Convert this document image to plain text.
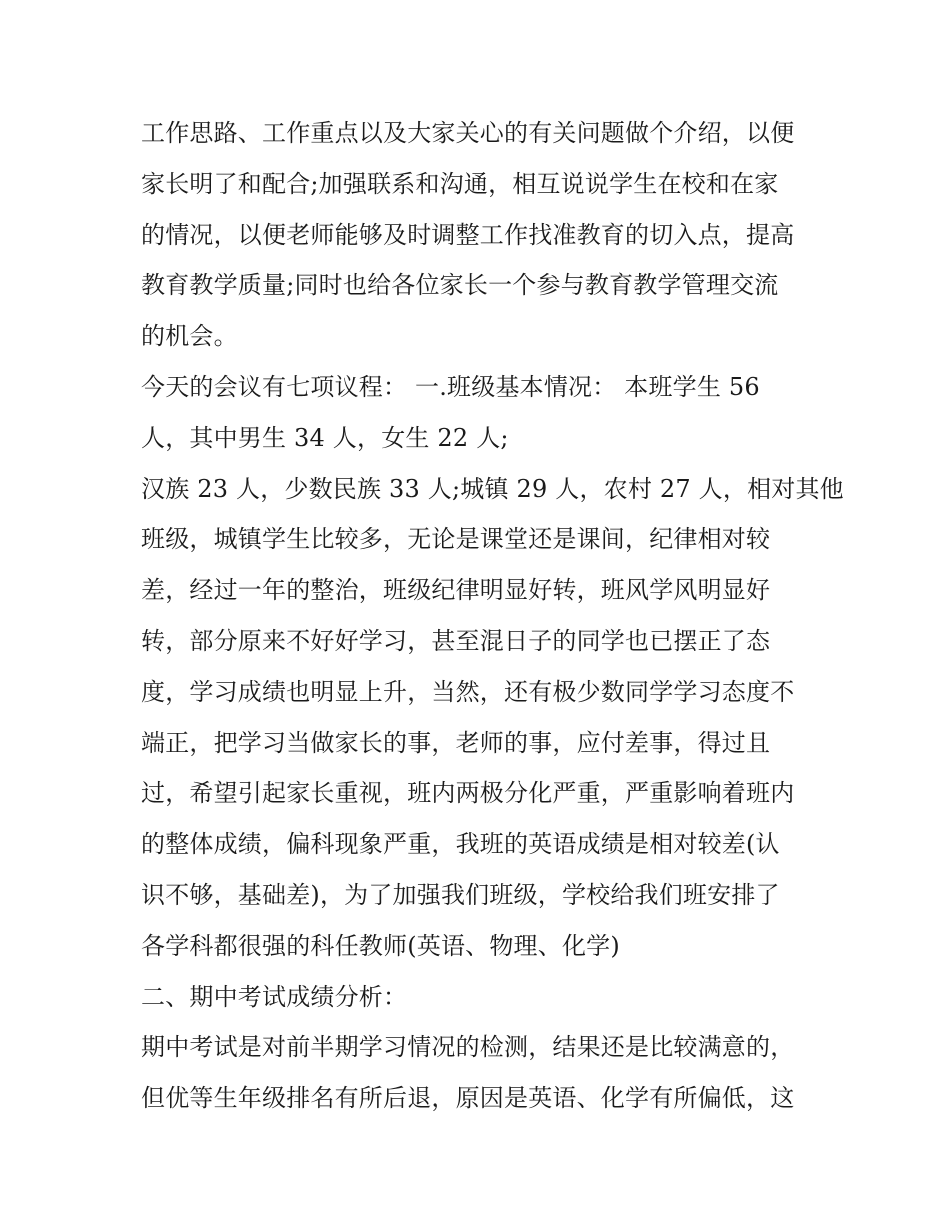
工作思路、工作重点以及大家关心的有关问题做个介绍，以便
家长明了和配合;加强联系和沟通，相互说说学生在校和在家
的情况，以便老师能够及时调整工作找准教育的切入点，提高
教育教学质量;同时也给各位家长一个参与教育教学管理交流
的机会。
今天的会议有七项议程： 一.班级基本情况： 本班学生 56
人，其中男生 34 人，女生 22 人;
汉族 23 人，少数民族 33 人;城镇 29 人，农村 27 人，相对其他
班级，城镇学生比较多，无论是课堂还是课间，纪律相对较
差，经过一年的整治，班级纪律明显好转，班风学风明显好
转，部分原来不好好学习，甚至混日子的同学也已摆正了态
度，学习成绩也明显上升，当然，还有极少数同学学习态度不
端正，把学习当做家长的事，老师的事，应付差事，得过且
过，希望引起家长重视，班内两极分化严重，严重影响着班内
的整体成绩，偏科现象严重，我班的英语成绩是相对较差(认
识不够，基础差)，为了加强我们班级，学校给我们班安排了
各学科都很强的科任教师(英语、物理、化学)
二、期中考试成绩分析：
期中考试是对前半期学习情况的检测，结果还是比较满意的，
但优等生年级排名有所后退，原因是英语、化学有所偏低，这
